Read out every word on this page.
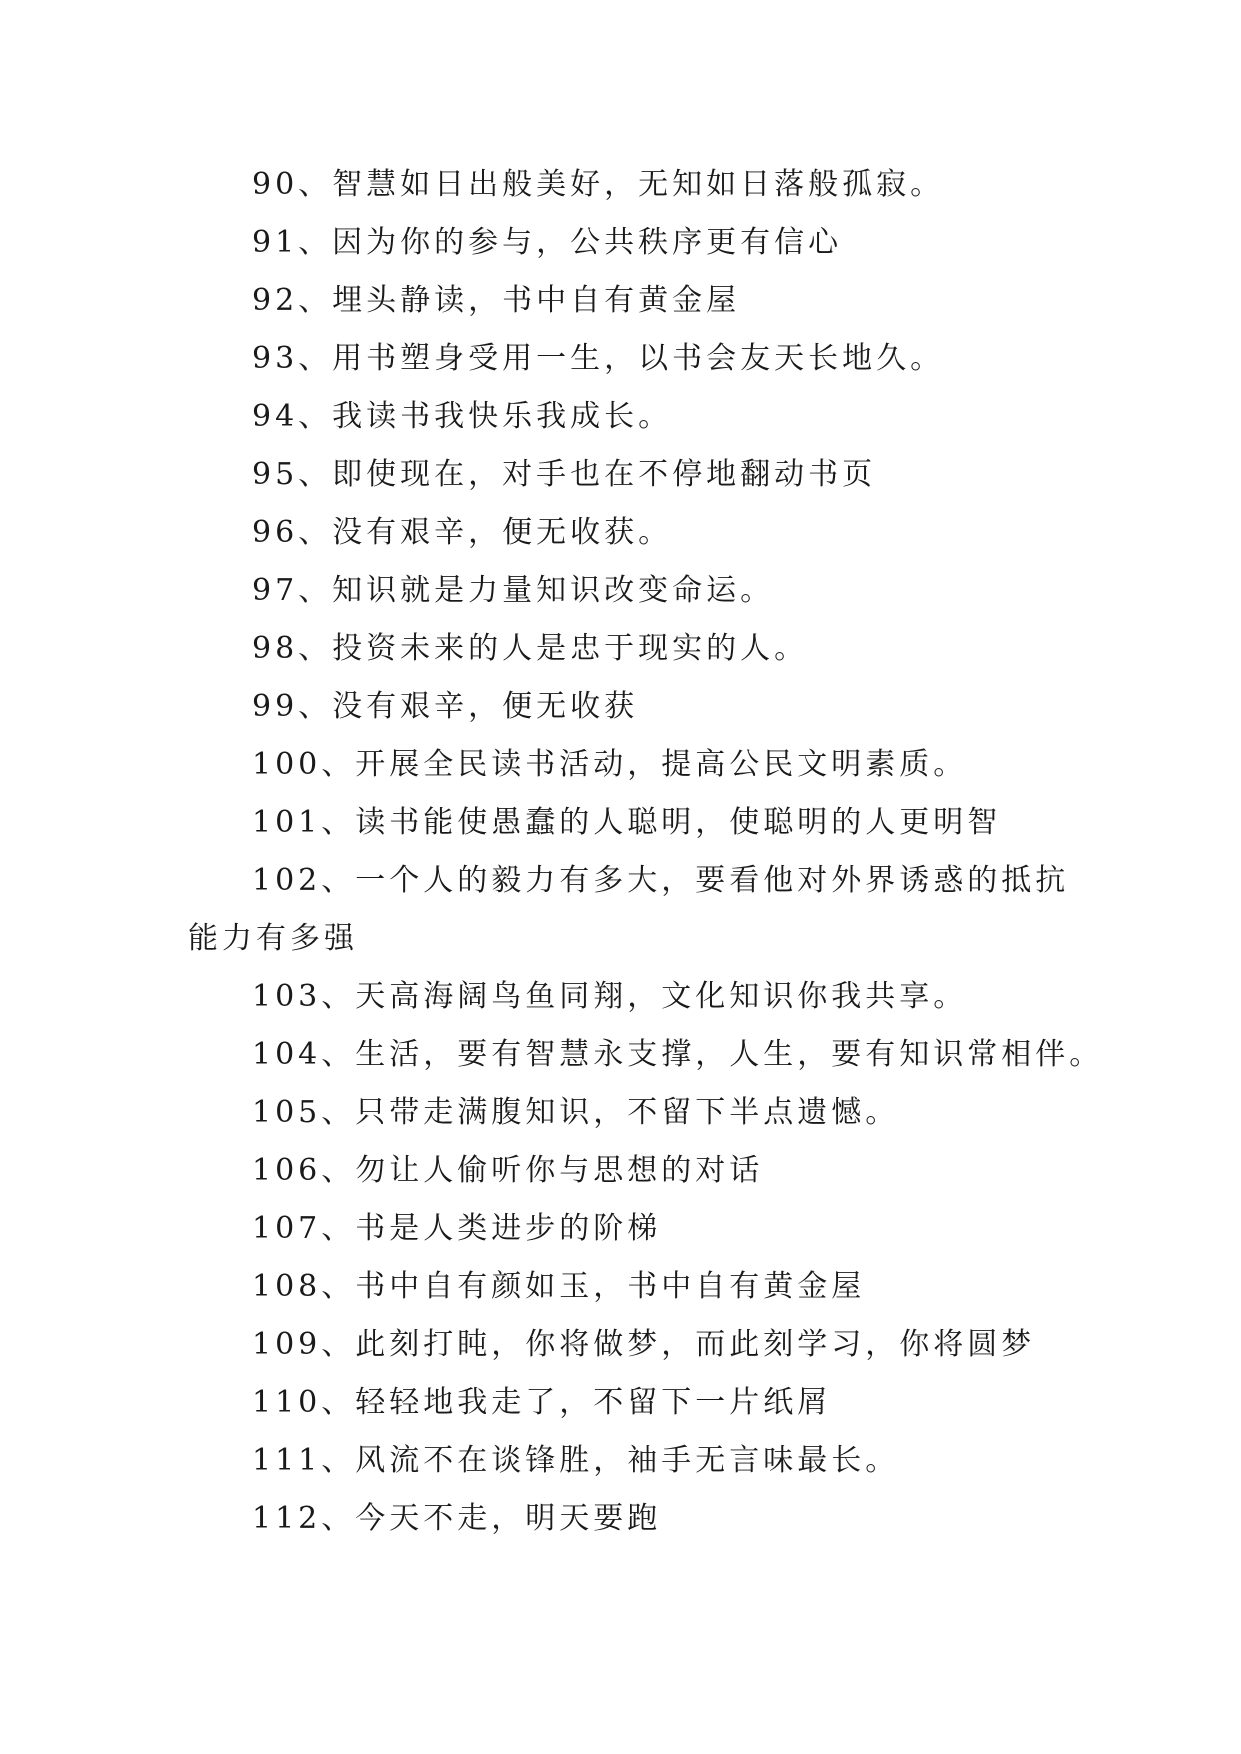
90、智慧如日出般美好，无知如日落般孤寂。

91、因为你的参与，公共秩序更有信心

92、埋头静读，书中自有黄金屋

93、用书塑身受用一生，以书会友天长地久。

94、我读书我快乐我成长。

95、即使现在，对手也在不停地翻动书页

96、没有艰辛，便无收获。

97、知识就是力量知识改变命运。

98、投资未来的人是忠于现实的人。

99、没有艰辛，便无收获

100、开展全民读书活动，提高公民文明素质。

101、读书能使愚蠢的人聪明，使聪明的人更明智

102、一个人的毅力有多大，要看他对外界诱惑的抵抗

能力有多强

103、天高海阔鸟鱼同翔，文化知识你我共享。

104、生活，要有智慧永支撑，人生，要有知识常相伴。

105、只带走满腹知识，不留下半点遗憾。

106、勿让人偷听你与思想的对话

107、书是人类进步的阶梯

108、书中自有颜如玉，书中自有黄金屋

109、此刻打盹，你将做梦，而此刻学习，你将圆梦

110、轻轻地我走了，不留下一片纸屑

111、风流不在谈锋胜，袖手无言味最长。

112、今天不走，明天要跑
